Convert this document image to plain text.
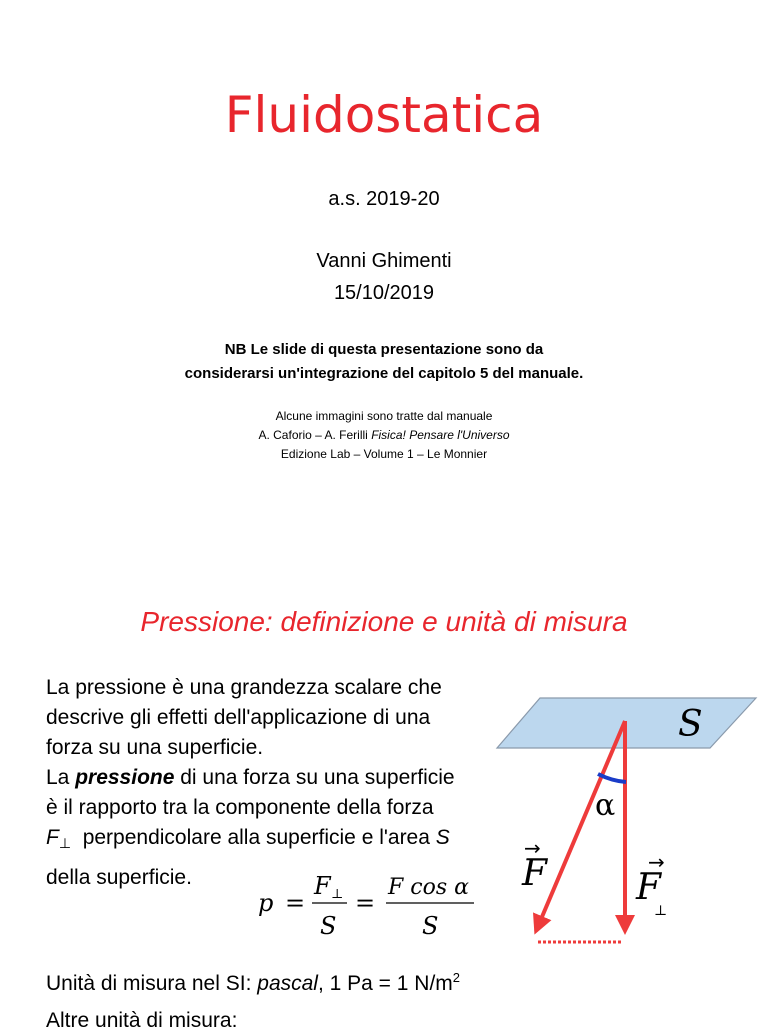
Fluidostatica
a.s. 2019-20
Vanni Ghimenti
15/10/2019
NB Le slide di questa presentazione sono da
considerarsi un'integrazione del capitolo 5 del manuale.
Alcune immagini sono tratte dal manuale
A. Caforio – A. Ferilli Fisica! Pensare l'Universo
Edizione Lab – Volume 1 – Le Monnier
Pressione: definizione e unità di misura
La pressione è una grandezza scalare che
descrive gli effetti dell'applicazione di una
forza su una superficie.
La pressione di una forza su una superficie
è il rapporto tra la componente della forza
$F_\perp$  perpendicolare alla superficie e l'area S
della superficie.
Unità di misura nel SI: pascal, 1 Pa = 1 $N/m^2$
Altre unità di misura:
p =
F ⊥
S
=
F cos α
S
S
α
F
→
F
→
⊥
